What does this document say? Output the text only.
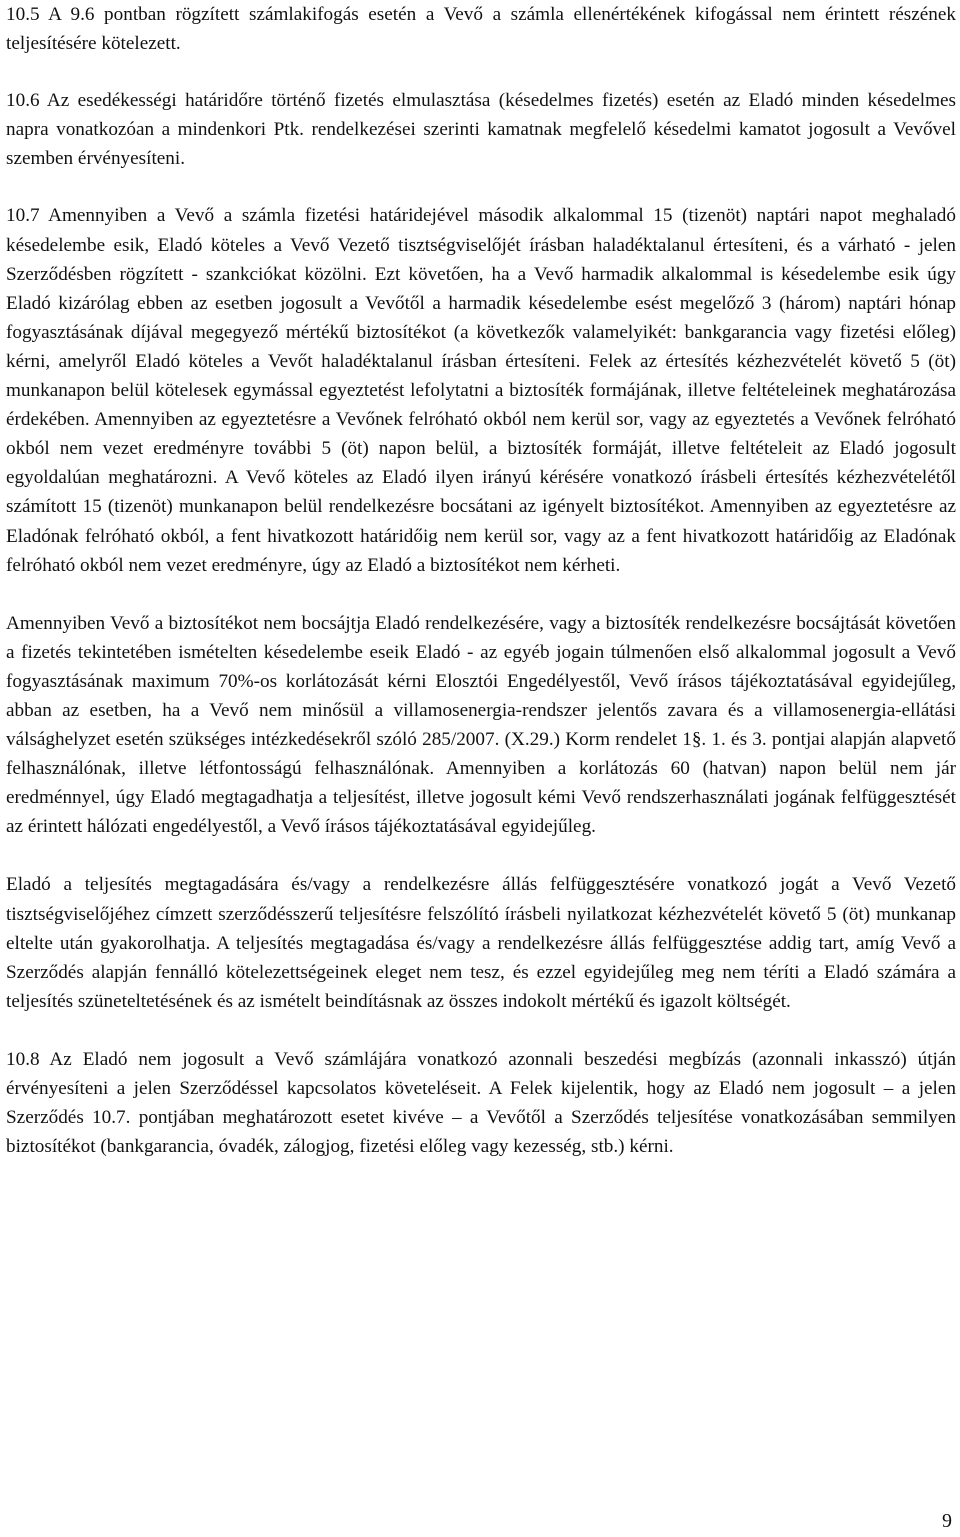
10.5 A 9.6 pontban rögzített számlakifogás esetén a Vevő a számla ellenértékének kifogással nem érintett részének teljesítésére kötelezett.

10.6 Az esedékességi határidőre történő fizetés elmulasztása (késedelmes fizetés) esetén az Eladó minden késedelmes napra vonatkozóan a mindenkori Ptk. rendelkezései szerinti kamatnak megfelelő késedelmi kamatot jogosult a Vevővel szemben érvényesíteni.

10.7 Amennyiben a Vevő a számla fizetési határidejével második alkalommal 15 (tizenöt) naptári napot meghaladó késedelembe esik, Eladó köteles a Vevő Vezető tisztségviselőjét írásban haladéktalanul értesíteni, és a várható - jelen Szerződésben rögzített - szankciókat közölni. Ezt követően, ha a Vevő harmadik alkalommal is késedelembe esik úgy Eladó kizárólag ebben az esetben jogosult a Vevőtől a harmadik késedelembe esést megelőző 3 (három) naptári hónap fogyasztásának díjával megegyező mértékű biztosítékot (a következők valamelyikét: bankgarancia vagy fizetési előleg) kérni, amelyről Eladó köteles a Vevőt haladéktalanul írásban értesíteni. Felek az értesítés kézhezvételét követő 5 (öt) munkanapon belül kötelesek egymással egyeztetést lefolytatni a biztosíték formájának, illetve feltételeinek meghatározása érdekében. Amennyiben az egyeztetésre a Vevőnek felróható okból nem kerül sor, vagy az egyeztetés a Vevőnek felróható okból nem vezet eredményre további 5 (öt) napon belül, a biztosíték formáját, illetve feltételeit az Eladó jogosult egyoldalúan meghatározni. A Vevő köteles az Eladó ilyen irányú kérésére vonatkozó írásbeli értesítés kézhezvételétől számított 15 (tizenöt) munkanapon belül rendelkezésre bocsátani az igényelt biztosítékot. Amennyiben az egyeztetésre az Eladónak felróható okból, a fent hivatkozott határidőig nem kerül sor, vagy az a fent hivatkozott határidőig az Eladónak felróható okból nem vezet eredményre, úgy az Eladó a biztosítékot nem kérheti.

Amennyiben Vevő a biztosítékot nem bocsájtja Eladó rendelkezésére, vagy a biztosíték rendelkezésre bocsájtását követően a fizetés tekintetében ismételten késedelembe eseik Eladó - az egyéb jogain túlmenően első alkalommal jogosult a Vevő fogyasztásának maximum 70%-os korlátozását kérni Elosztói Engedélyestől, Vevő írásos tájékoztatásával egyidejűleg, abban az esetben, ha a Vevő nem minősül a villamosenergia-rendszer jelentős zavara és a villamosenergia-ellátási válsághelyzet esetén szükséges intézkedésekről szóló 285/2007. (X.29.) Korm rendelet 1§. 1. és 3. pontjai alapján alapvető felhasználónak, illetve létfontosságú felhasználónak. Amennyiben a korlátozás 60 (hatvan) napon belül nem jár eredménnyel, úgy Eladó megtagadhatja a teljesítést, illetve jogosult kémi Vevő rendszerhasználati jogának felfüggesztését az érintett hálózati engedélyestől, a Vevő írásos tájékoztatásával egyidejűleg.

Eladó a teljesítés megtagadására és/vagy a rendelkezésre állás felfüggesztésére vonatkozó jogát a Vevő Vezető tisztségviselőjéhez címzett szerződésszerű teljesítésre felszólító írásbeli nyilatkozat kézhezvételét követő 5 (öt) munkanap eltelte után gyakorolhatja. A teljesítés megtagadása és/vagy a rendelkezésre állás felfüggesztése addig tart, amíg Vevő a Szerződés alapján fennálló kötelezettségeinek eleget nem tesz, és ezzel egyidejűleg meg nem téríti a Eladó számára a teljesítés szüneteltetésének és az ismételt beindításnak az összes indokolt mértékű és igazolt költségét.

10.8 Az Eladó nem jogosult a Vevő számlájára vonatkozó azonnali beszedési megbízás (azonnali inkasszó) útján érvényesíteni a jelen Szerződéssel kapcsolatos követeléseit. A Felek kijelentik, hogy az Eladó nem jogosult – a jelen Szerződés 10.7. pontjában meghatározott esetet kivéve – a Vevőtől a Szerződés teljesítése vonatkozásában semmilyen biztosítékot (bankgarancia, óvadék, zálogjog, fizetési előleg vagy kezesség, stb.) kérni.

9
